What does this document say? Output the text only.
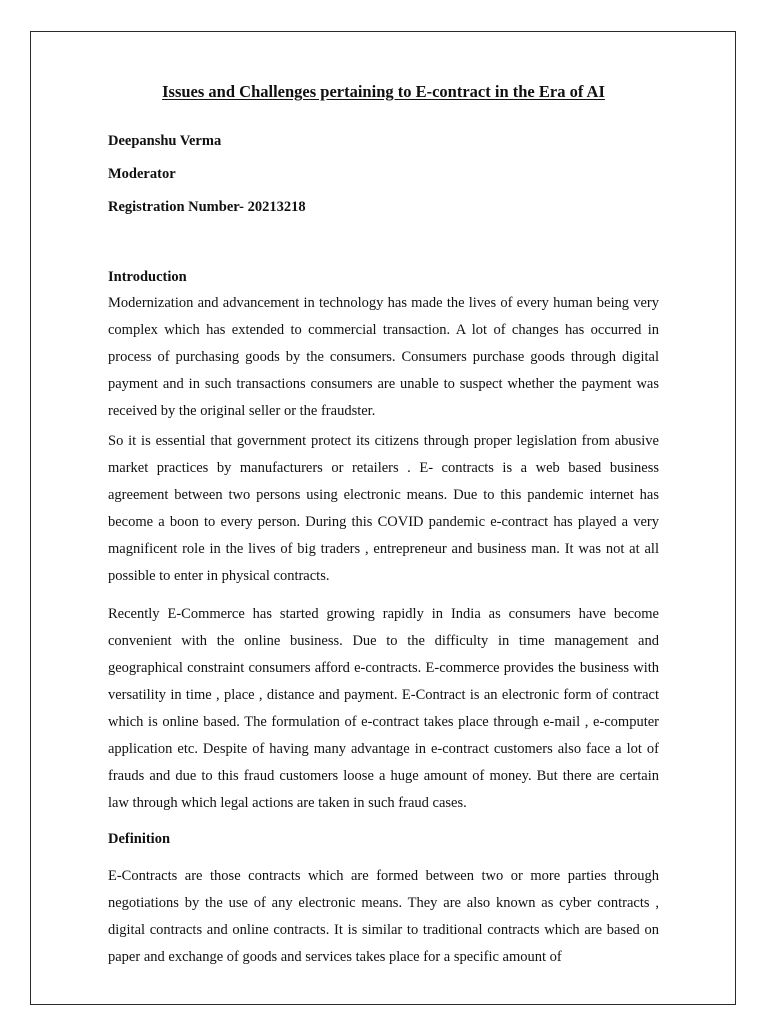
Issues and Challenges pertaining to E-contract in the Era of AI

Deepanshu Verma

Moderator

Registration Number- 20213218

Introduction

Modernization and advancement in technology has made the lives of every human being very complex which has extended to commercial transaction. A lot of changes has occurred in process of purchasing goods by the consumers. Consumers purchase goods through digital payment and in such transactions consumers are unable to suspect whether the payment was received by the original seller or the fraudster.

So it is essential that government protect its citizens through proper legislation from abusive market practices by manufacturers or retailers . E- contracts is a web based business agreement between two persons using electronic means. Due to this pandemic internet has become a boon to every person. During this COVID pandemic e-contract has played a very magnificent role in the lives of big traders , entrepreneur and business man. It was not at all possible to enter in physical contracts.

Recently E-Commerce has started growing rapidly in India as consumers have become convenient with the online business. Due to the difficulty in time management and geographical constraint consumers afford e-contracts. E-commerce provides the business with versatility in time , place , distance and payment. E-Contract is an electronic form of contract which is online based. The formulation of e-contract takes place through e-mail , e-computer application etc. Despite of having many advantage in e-contract customers also face a lot of frauds and due to this fraud customers loose a huge amount of money. But there are certain law through which legal actions are taken in such fraud cases.

Definition

E-Contracts are those contracts which are formed between two or more parties through negotiations by the use of any electronic means. They are also known as cyber contracts , digital contracts and online contracts. It is similar to traditional contracts which are based on paper and exchange of goods and services takes place for a specific amount of
